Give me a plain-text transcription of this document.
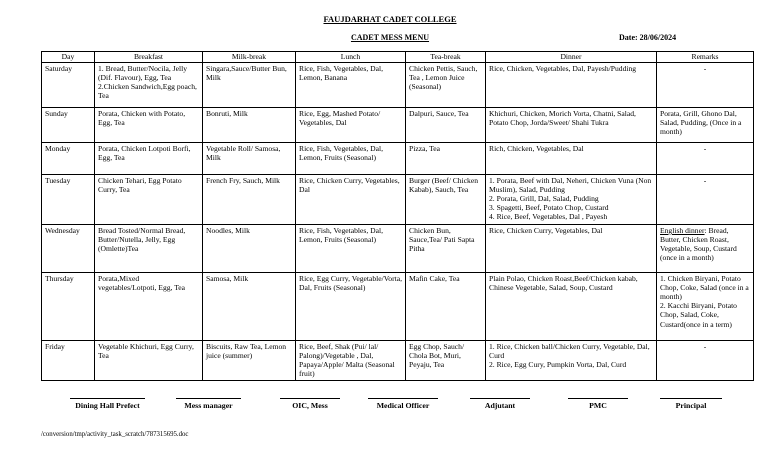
FAUJDARHAT CADET COLLEGE
CADET MESS MENU	Date: 28/06/2024
Day	Breakfast	Milk-break	Lunch	Tea-break	Dinner	Remarks
Saturday	1. Bread, Butter/Nocila, Jelly (Dif. Flavour), Egg, Tea 2.Chicken Sandwich,Egg poach, Tea	Singara,Sauce/Butter Bun, Milk	Rice, Fish, Vegetables, Dal, Lemon, Banana	Chicken Pettis, Sauch, Tea , Lemon Juice (Seasonal)	Rice, Chicken, Vegetables, Dal, Payesh/Pudding	-
Sunday	Porata, Chicken with Potato, Egg, Tea	Bonruti, Milk	Rice, Egg, Mashed Potato/ Vegetables, Dal	Dalpuri, Sauce, Tea	Khichuri, Chicken, Morich Vorta, Chatni, Salad, Potato Chop, Jorda/Sweet/ Shahi Tukra	Porata, Grill, Ghono Dal, Salad, Pudding, (Once in a month)
Monday	Porata, Chicken Lotpoti Borfi, Egg, Tea	Vegetable Roll/ Samosa, Milk	Rice, Fish, Vegetables, Dal, Lemon, Fruits (Seasonal)	Pizza, Tea	Rich, Chicken, Vegetables, Dal	-
Tuesday	Chicken Tehari, Egg Potato Curry, Tea	French Fry, Sauch, Milk	Rice, Chicken Curry, Vegetables, Dal	Burger (Beef/ Chicken Kabab), Sauch, Tea	1. Porata, Beef with Dal, Neheri, Chicken Vuna (Non Muslim), Salad, Pudding
2. Porata, Grill, Dal, Salad, Pudding
3. Spagetti, Beef, Potato Chop, Custard
4. Rice, Beef, Vegetables, Dal , Payesh	-
Wednesday	Bread Tosted/Normal Bread, Butter/Nutella, Jelly, Egg (Omlette)Tea	Noodles, Milk	Rice, Fish, Vegetables, Dal, Lemon, Fruits (Seasonal)	Chicken Bun, Sauce,Tea/ Pati Sapta Pitha	Rice, Chicken Curry, Vegetables, Dal	English dinner: Bread, Butter, Chicken Roast, Vegetable, Soup, Custard (once in a month)
Thursday	Porata,Mixed vegetables/Lotpoti, Egg, Tea	Samosa, Milk	Rice, Egg Curry, Vegetable/Vorta, Dal, Fruits (Seasonal)	Mafin Cake, Tea	Plain Polao, Chicken Roast,Beef/Chicken kabab, Chinese Vegetable, Salad, Soup, Custard	1. Chicken Biryani, Potato Chop, Coke, Salad (once in a month)
2. Kacchi Biryani, Potato Chop, Salad, Coke, Custard(once in a term)
Friday	Vegetable Khichuri, Egg Curry, Tea	Biscuits, Raw Tea, Lemon juice (summer)	Rice, Beef, Shak (Pui/ lal/ Palong)/Vegetable , Dal, Papaya/Apple/ Malta (Seasonal fruit)	Egg Chop, Sauch/ Chola Bot, Muri, Peyaju, Tea	1. Rice, Chicken ball/Chicken Curry, Vegetable, Dal, Curd
2. Rice, Egg Cury, Pumpkin Vorta, Dal, Curd	-
Dining Hall Prefect	Mess manager	OIC, Mess	Medical Officer	Adjutant	PMC	Principal
/conversion/tmp/activity_task_scratch/787315695.doc
